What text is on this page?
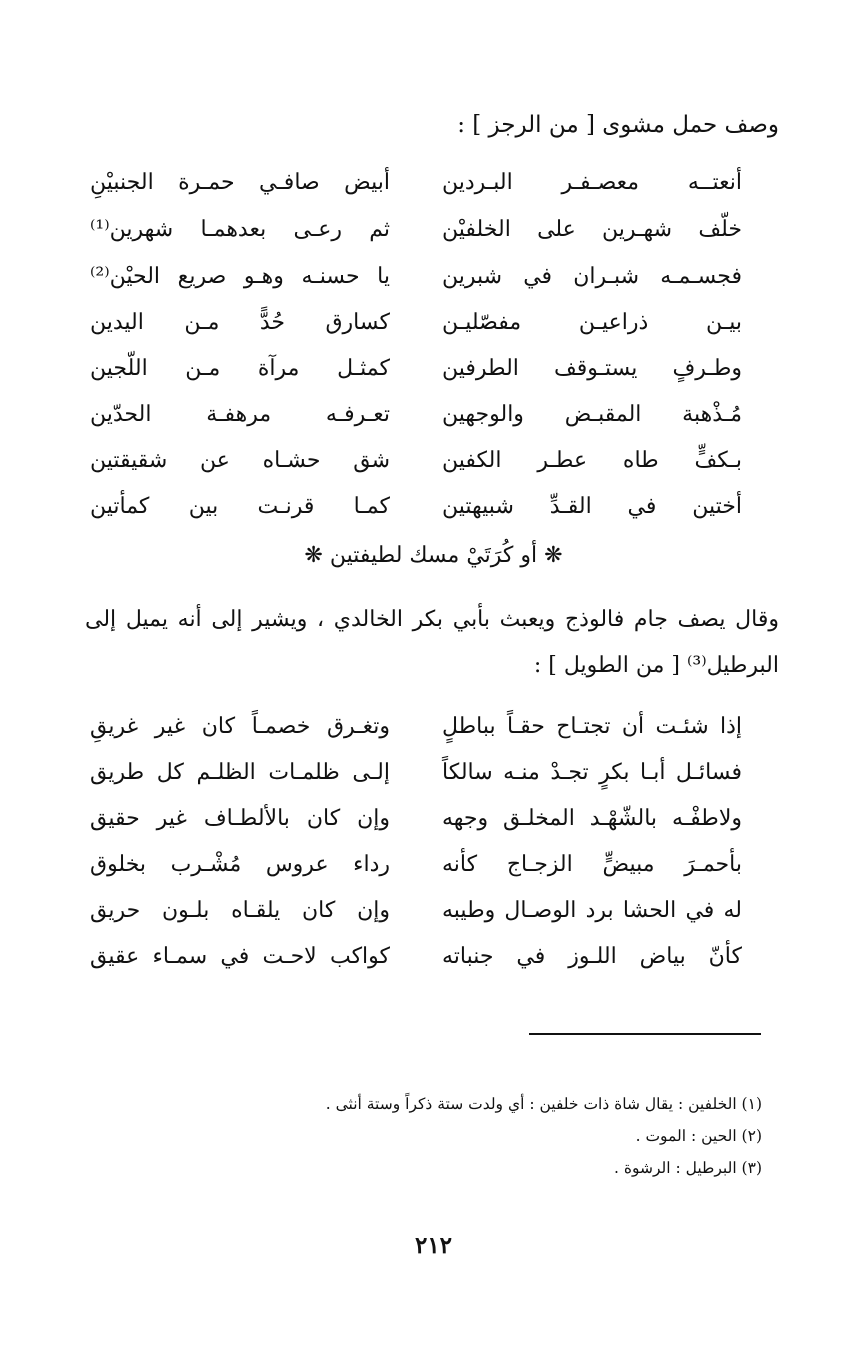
وصف حمل مشوى [ من الرجز ] :
أنعتــه معصـفـر البـردين
أبيض صافـي حمـرة الجنبيْنِ
خلّف شهـرين على الخلفيْن
ثم رعـى بعدهمـا شهرين⁽¹⁾
فجسـمـه شبـران في شبرين
يا حسنـه وهـو صريع الحيْن⁽²⁾
بيـن ذراعيـن مفصّليـن
كسارق حُدًّ مـن اليدين
وطـرفٍ يستـوقف الطرفين
كمثـل مرآة مـن اللّجين
مُـذْهبة المقبـض والوجهين
تعـرفـه مرهفـة الحدّين
بـكفٍّ طاه عطـر الكفين
شق حشـاه عن شقيقتين
أختين في القـدِّ شبيهتين
كمـا قرنـت بين كمأتين
❋ أو كُرَتَيْ مسك لطيفتين ❋
وقال يصف جام فالوذج ويعبث بأبي بكر الخالدي ، ويشير إلى أنه يميل إلى
البرطيل⁽³⁾ [ من الطويل ] :
إذا شئـت أن تجتـاح حقـاً بباطلٍ
وتغـرق خصمـاً كان غير غريقِ
فسائـل أبـا بكرٍ تجـدْ منـه سالكاً
إلـى ظلمـات الظلـم كل طريق
ولاطفْـه بالشّهْـد المخلـق وجهه
وإن كان بالألطـاف غير حقيق
بأحمـرَ مبيضٍّ الزجـاج كأنه
رداء عروس مُشْـرب بخلوق
له في الحشا برد الوصـال وطيبه
وإن كان يلقـاه بلـون حريق
كأنّ بياض اللـوز في جنباته
كواكب لاحـت في سمـاء عقيق
(١) الخلفين : يقال شاة ذات خلفين : أي ولدت ستة ذكراً وستة أنثى .
(٢) الحين : الموت .
(٣) البرطيل : الرشوة .
٢١٢
